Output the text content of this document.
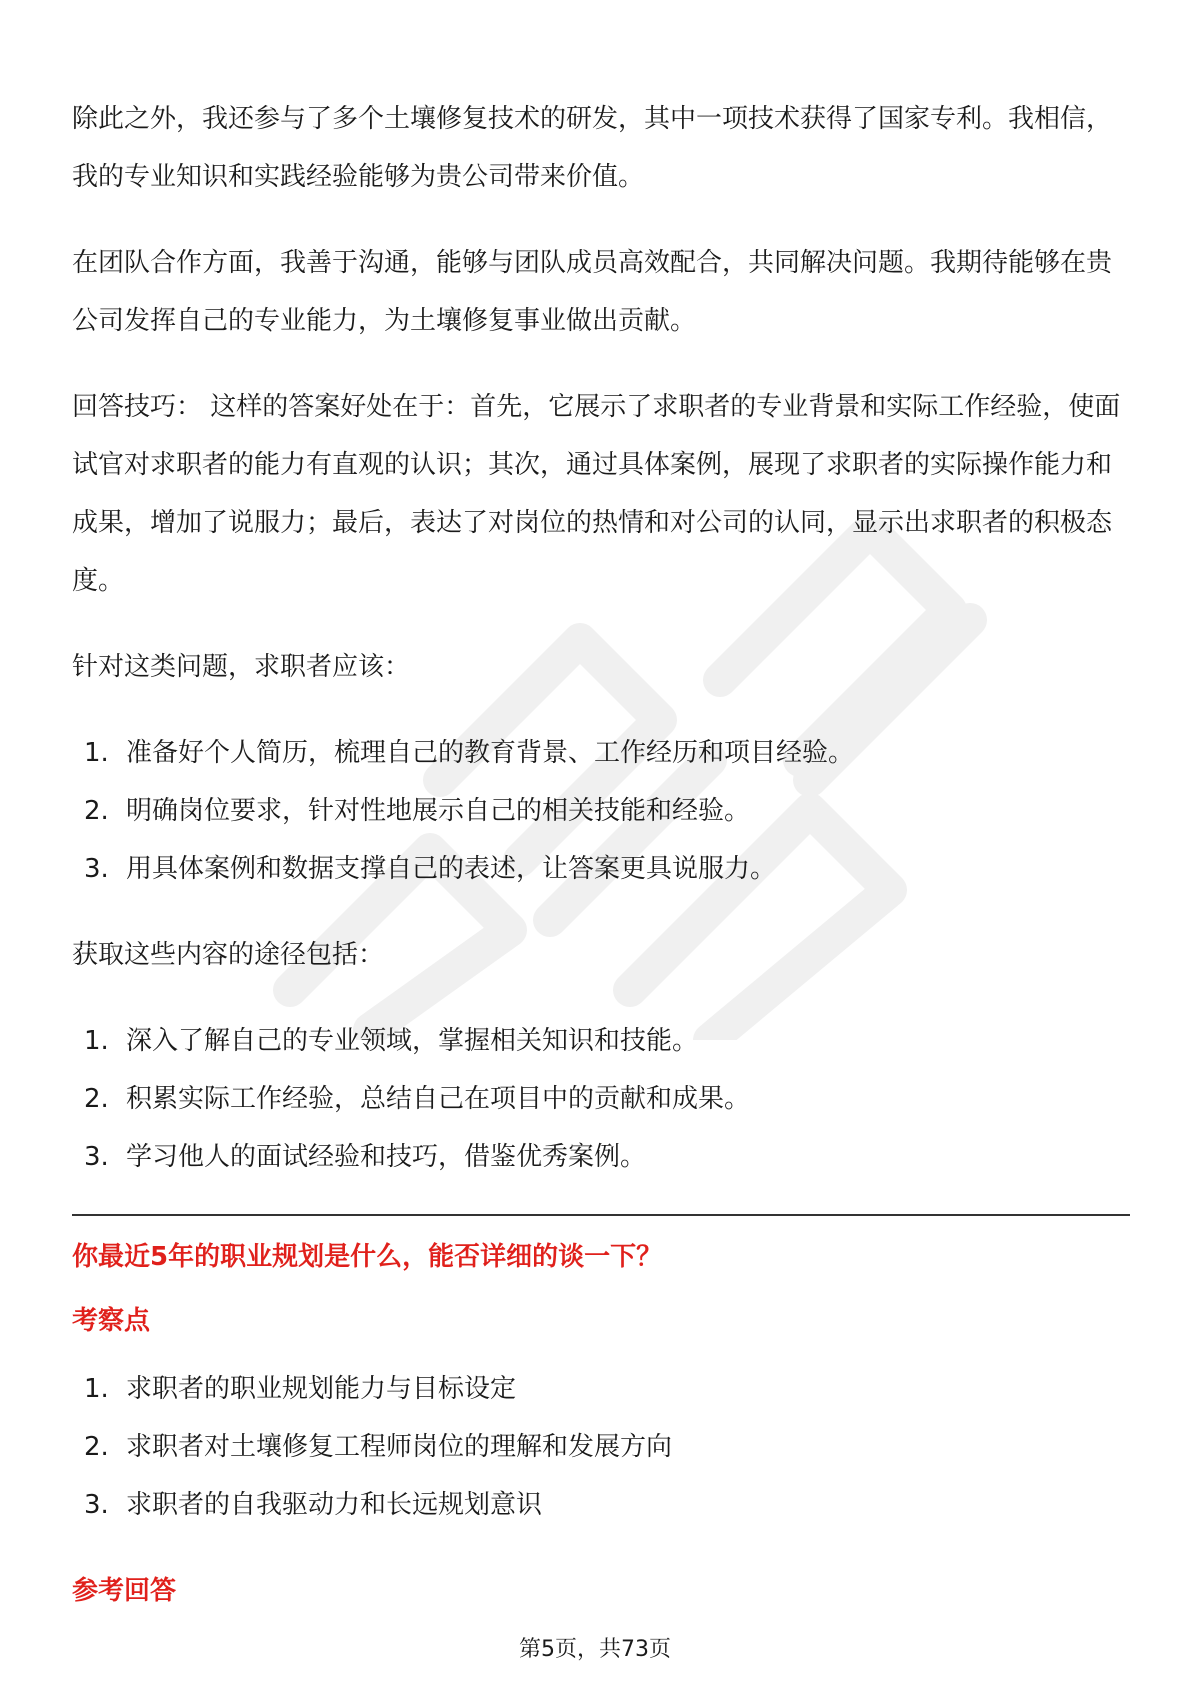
除此之外，我还参与了多个土壤修复技术的研发，其中一项技术获得了国家专利。我相信，我的专业知识和实践经验能够为贵公司带来价值。

在团队合作方面，我善于沟通，能够与团队成员高效配合，共同解决问题。我期待能够在贵公司发挥自己的专业能力，为土壤修复事业做出贡献。

回答技巧： 这样的答案好处在于：首先，它展示了求职者的专业背景和实际工作经验，使面试官对求职者的能力有直观的认识；其次，通过具体案例，展现了求职者的实际操作能力和成果，增加了说服力；最后，表达了对岗位的热情和对公司的认同，显示出求职者的积极态度。

针对这类问题，求职者应该：

1. 准备好个人简历，梳理自己的教育背景、工作经历和项目经验。
2. 明确岗位要求，针对性地展示自己的相关技能和经验。
3. 用具体案例和数据支撑自己的表述，让答案更具说服力。

获取这些内容的途径包括：

1. 深入了解自己的专业领域，掌握相关知识和技能。
2. 积累实际工作经验，总结自己在项目中的贡献和成果。
3. 学习他人的面试经验和技巧，借鉴优秀案例。
你最近5年的职业规划是什么，能否详细的谈一下？
考察点
1. 求职者的职业规划能力与目标设定
2. 求职者对土壤修复工程师岗位的理解和发展方向
3. 求职者的自我驱动力和长远规划意识
参考回答
第5页，共73页
